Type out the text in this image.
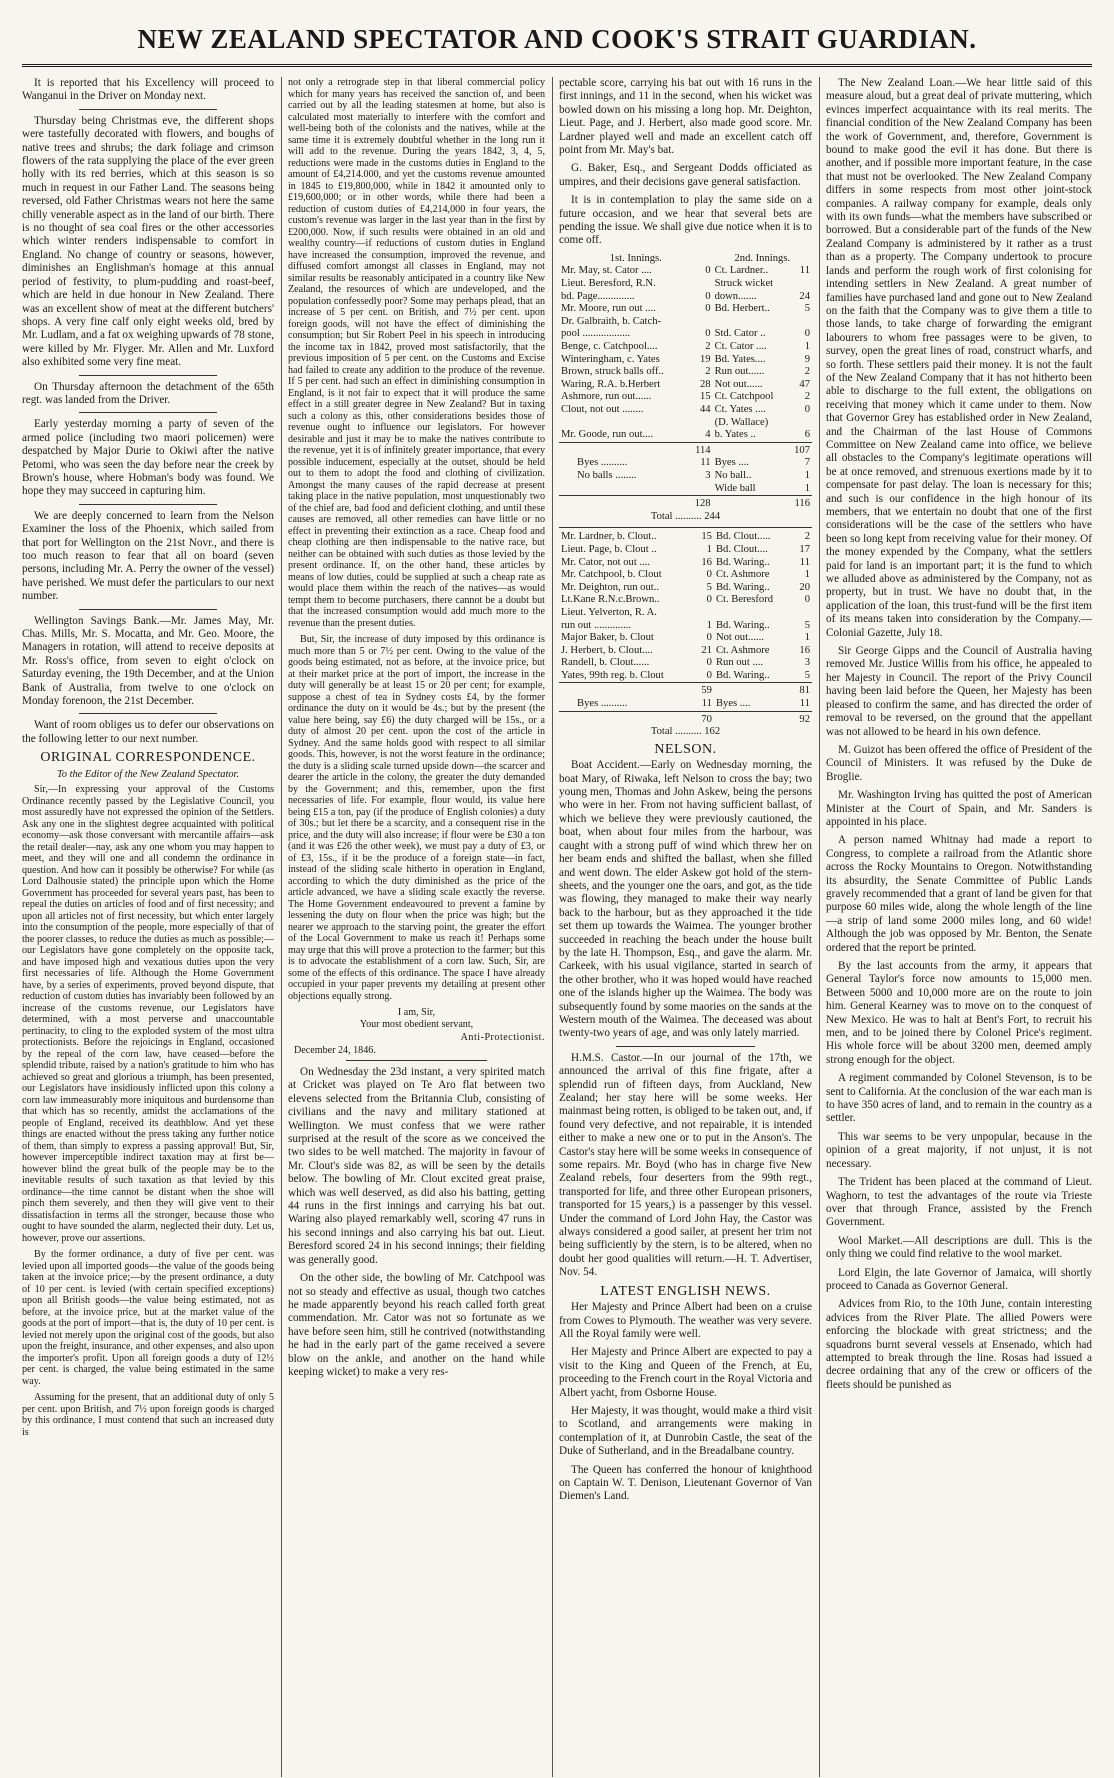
NEW ZEALAND SPECTATOR AND COOK'S STRAIT GUARDIAN.

It is reported that his Excellency will proceed to Wanganui in the Driver on Monday next.

Thursday being Christmas eve, the different shops were tastefully decorated with flowers, and boughs of native trees and shrubs; the dark foliage and crimson flowers of the rata supplying the place of the ever green holly with its red berries, which at this season is so much in request in our Father Land. The seasons being reversed, old Father Christmas wears not here the same chilly venerable aspect as in the land of our birth. There is no thought of sea coal fires or the other accessories which winter renders indispensable to comfort in England. No change of country or seasons, however, diminishes an Englishman's homage at this annual period of festivity, to plum-pudding and roast-beef, which are held in due honour in New Zealand. There was an excellent show of meat at the different butchers' shops. A very fine calf only eight weeks old, bred by Mr. Ludlam, and a fat ox weighing upwards of 78 stone, were killed by Mr. Flyger. Mr. Allen and Mr. Luxford also exhibited some very fine meat.

On Thursday afternoon the detachment of the 65th regt. was landed from the Driver.

Early yesterday morning a party of seven of the armed police (including two maori policemen) were despatched by Major Durie to Okiwi after the native Petomi, who was seen the day before near the creek by Brown's house, where Hobman's body was found. We hope they may succeed in capturing him.

We are deeply concerned to learn from the Nelson Examiner the loss of the Phoenix, which sailed from that port for Wellington on the 21st Novr., and there is too much reason to fear that all on board (seven persons, including Mr. A. Perry the owner of the vessel) have perished. We must defer the particulars to our next number.

Wellington Savings Bank.—Mr. James May, Mr. Chas. Mills, Mr. S. Mocatta, and Mr. Geo. Moore, the Managers in rotation, will attend to receive deposits at Mr. Ross's office, from seven to eight o'clock on Saturday evening, the 19th December, and at the Union Bank of Australia, from twelve to one o'clock on Monday forenoon, the 21st December.

Want of room obliges us to defer our observations on the following letter to our next number.

ORIGINAL CORRESPONDENCE.
To the Editor of the New Zealand Spectator.

Sir,—In expressing your approval of the Customs Ordinance recently passed by the Legislative Council, you most assuredly have not expressed the opinion of the Settlers. Ask any one in the slightest degree acquainted with political economy—ask those conversant with mercantile affairs—ask the retail dealer—nay, ask any one whom you may happen to meet, and they will one and all condemn the ordinance in question. And how can it possibly be otherwise? For while (as Lord Dalhousie stated) the principle upon which the Home Government has proceeded for several years past, has been to repeal the duties on articles of food and of first necessity; and upon all articles not of first necessity, but which enter largely into the consumption of the people, more especially of that of the poorer classes, to reduce the duties as much as possible;—our Legislators have gone completely on the opposite tack, and have imposed high and vexatious duties upon the very first necessaries of life. Although the Home Government have, by a series of experiments, proved beyond dispute, that reduction of custom duties has invariably been followed by an increase of the customs revenue, our Legislators have determined, with a most perverse and unaccountable pertinacity, to cling to the exploded system of the most ultra protectionists. Before the rejoicings in England, occasioned by the repeal of the corn law, have ceased—before the splendid tribute, raised by a nation's gratitude to him who has achieved so great and glorious a triumph, has been presented, our Legislators have insidiously inflicted upon this colony a corn law immeasurably more iniquitous and burdensome than that which has so recently, amidst the acclamations of the people of England, received its deathblow. And yet these things are enacted without the press taking any further notice of them, than simply to express a passing approval! But, Sir, however imperceptible indirect taxation may at first be—however blind the great bulk of the people may be to the inevitable results of such taxation as that levied by this ordinance—the time cannot be distant when the shoe will pinch them severely, and then they will give vent to their dissatisfaction in terms all the stronger, because those who ought to have sounded the alarm, neglected their duty. Let us, however, prove our assertions.

By the former ordinance, a duty of five per cent. was levied upon all imported goods—the value of the goods being taken at the invoice price;—by the present ordinance, a duty of 10 per cent. is levied (with certain specified exceptions) upon all British goods—the value being estimated, not as before, at the invoice price, but at the market value of the goods at the port of import—that is, the duty of 10 per cent. is levied not merely upon the original cost of the goods, but also upon the freight, insurance, and other expenses, and also upon the importer's profit. Upon all foreign goods a duty of 12½ per cent. is charged, the value being estimated in the same way.

Assuming for the present, that an additional duty of only 5 per cent. upon British, and 7½ upon foreign goods is charged by this ordinance, I must contend that such an increased duty is

not only a retrograde step in that liberal commercial policy which for many years has received the sanction of, and been carried out by all the leading statesmen at home, but also is calculated most materially to interfere with the comfort and well-being both of the colonists and the natives, while at the same time it is extremely doubtful whether in the long run it will add to the revenue. During the years 1842, 3, 4, 5, reductions were made in the customs duties in England to the amount of £4,214.000, and yet the customs revenue amounted in 1845 to £19,800,000, while in 1842 it amounted only to £19,600,000; or in other words, while there had been a reduction of custom duties of £4,214,000 in four years, the custom's revenue was larger in the last year than in the first by £200,000. Now, if such results were obtained in an old and wealthy country—if reductions of custom duties in England have increased the consumption, improved the revenue, and diffused comfort amongst all classes in England, may not similar results be reasonably anticipated in a country like New Zealand, the resources of which are undeveloped, and the population confessedly poor? Some may perhaps plead, that an increase of 5 per cent. on British, and 7½ per cent. upon foreign goods, will not have the effect of diminishing the consumption; but Sir Robert Peel in his speech in introducing the income tax in 1842, proved most satisfactorily, that the previous imposition of 5 per cent. on the Customs and Excise had failed to create any addition to the produce of the revenue. If 5 per cent. had such an effect in diminishing consumption in England, is it not fair to expect that it will produce the same effect in a still greater degree in New Zealand? But in taxing such a colony as this, other considerations besides those of revenue ought to influence our legislators. For however desirable and just it may be to make the natives contribute to the revenue, yet it is of infinitely greater importance, that every possible inducement, especially at the outset, should be held out to them to adopt the food and clothing of civilization. Amongst the many causes of the rapid decrease at present taking place in the native population, most unquestionably two of the chief are, bad food and deficient clothing, and until these causes are removed, all other remedies can have little or no effect in preventing their extinction as a race. Cheap food and cheap clothing are then indispensable to the native race, but neither can be obtained with such duties as those levied by the present ordinance. If, on the other hand, these articles by means of low duties, could be supplied at such a cheap rate as would place them within the reach of the natives—as would tempt them to become purchasers, there cannot be a doubt but that the increased consumption would add much more to the revenue than the present duties.

But, Sir, the increase of duty imposed by this ordinance is much more than 5 or 7½ per cent. Owing to the value of the goods being estimated, not as before, at the invoice price, but at their market price at the port of import, the increase in the duty will generally be at least 15 or 20 per cent; for example, suppose a chest of tea in Sydney costs £4, by the former ordinance the duty on it would be 4s.; but by the present (the value here being, say £6) the duty charged will be 15s., or a duty of almost 20 per cent. upon the cost of the article in Sydney. And the same holds good with respect to all similar goods. This, however, is not the worst feature in the ordinance; the duty is a sliding scale turned upside down—the scarcer and dearer the article in the colony, the greater the duty demanded by the Government; and this, remember, upon the first necessaries of life. For example, flour would, its value here being £15 a ton, pay (if the produce of English colonies) a duty of 30s.; but let there be a scarcity, and a consequent rise in the price, and the duty will also increase; if flour were be £30 a ton (and it was £26 the other week), we must pay a duty of £3, or of £3, 15s., if it be the produce of a foreign state—in fact, instead of the sliding scale hitherto in operation in England, according to which the duty diminished as the price of the article advanced, we have a sliding scale exactly the reverse. The Home Government endeavoured to prevent a famine by lessening the duty on flour when the price was high; but the nearer we approach to the starving point, the greater the effort of the Local Government to make us reach it! Perhaps some may urge that this will prove a protection to the farmer; but this is to advocate the establishment of a corn law. Such, Sir, are some of the effects of this ordinance. The space I have already occupied in your paper prevents my detailing at present other objections equally strong.

I am, Sir,
Your most obedient servant,
Anti-Protectionist.
December 24, 1846.

On Wednesday the 23d instant, a very spirited match at Cricket was played on Te Aro flat between two elevens selected from the Britannia Club, consisting of civilians and the navy and military stationed at Wellington. We must confess that we were rather surprised at the result of the score as we conceived the two sides to be well matched. The majority in favour of Mr. Clout's side was 82, as will be seen by the details below. The bowling of Mr. Clout excited great praise, which was well deserved, as did also his batting, getting 44 runs in the first innings and carrying his bat out. Waring also played remarkably well, scoring 47 runs in his second innings and also carrying his bat out. Lieut. Beresford scored 24 in his second innings; their fielding was generally good.

On the other side, the bowling of Mr. Catchpool was not so steady and effective as usual, though two catches he made apparently beyond his reach called forth great commendation. Mr. Cator was not so fortunate as we have before seen him, still he contrived (notwithstanding he had in the early part of the game received a severe blow on the ankle, and another on the hand while keeping wicket) to make a very res-

pectable score, carrying his bat out with 16 runs in the first innings, and 11 in the second, when his wicket was bowled down on his missing a long hop. Mr. Deighton, Lieut. Page, and J. Herbert, also made good score. Mr. Lardner played well and made an excellent catch off point from Mr. May's bat.

G. Baker, Esq., and Sergeant Dodds officiated as umpires, and their decisions gave general satisfaction.

It is in contemplation to play the same side on a future occasion, and we hear that several bets are pending the issue. We shall give due notice when it is to come off.

1st. Innings.		2nd. Innings.	
Mr. May, st. Cator ....	0	Ct. Lardner..	11
Lieut. Beresford, R.N.		Struck wicket	
bd. Page..............	0	down.......	24
Mr. Moore, run out ....	0	Bd. Herbert..	5
Dr. Galbraith, b. Catch-			
pool ..................	0	Std. Cator ..	0
Benge, c. Catchpool....	2	Ct. Cator ....	1
Winteringham, c. Yates	19	Bd. Yates....	9
Brown, struck balls off..	2	Run out......	2
Waring, R.A. b.Herbert	28	Not out......	47
Ashmore, run out......	15	Ct. Catchpool	2
Clout, not out ........	44	Ct. Yates ....	0
		(D. Wallace)	
Mr. Goode, run out....	4	b. Yates ..	6
	114		107
Byes ..........	11	Byes ....	7
No balls ........	3	No ball..	1
		Wide ball	1
	128		116
Total .......... 244			
Mr. Lardner, b. Clout..	15	Bd. Clout.....	2
Lieut. Page, b. Clout ..	1	Bd. Clout....	17
Mr. Cator, not out ....	16	Bd. Waring..	11
Mr. Catchpool, b. Clout	0	Ct. Ashmore	1
Mr. Deighton, run out..	5	Bd. Waring..	20
Lt.Kane R.N.c.Brown..	0	Ct. Beresford	0
Lieut. Yelverton, R. A.			
run out ..............	1	Bd. Waring..	5
Major Baker, b. Clout	0	Not out......	1
J. Herbert, b. Clout....	21	Ct. Ashmore	16
Randell, b. Clout......	0	Run out ....	3
Yates, 99th reg. b. Clout	0	Bd. Waring..	5
	59		81
Byes ..........	11	Byes ....	11
	70		92
Total .......... 162			
NELSON.

Boat Accident.—Early on Wednesday morning, the boat Mary, of Riwaka, left Nelson to cross the bay; two young men, Thomas and John Askew, being the persons who were in her. From not having sufficient ballast, of which we believe they were previously cautioned, the boat, when about four miles from the harbour, was caught with a strong puff of wind which threw her on her beam ends and shifted the ballast, when she filled and went down. The elder Askew got hold of the stern-sheets, and the younger one the oars, and got, as the tide was flowing, they managed to make their way nearly back to the harbour, but as they approached it the tide set them up towards the Waimea. The younger brother succeeded in reaching the beach under the house built by the late H. Thompson, Esq., and gave the alarm. Mr. Carkeek, with his usual vigilance, started in search of the other brother, who it was hoped would have reached one of the islands higher up the Waimea. The body was subsequently found by some maories on the sands at the Western mouth of the Waimea. The deceased was about twenty-two years of age, and was only lately married.

H.M.S. Castor.—In our journal of the 17th, we announced the arrival of this fine frigate, after a splendid run of fifteen days, from Auckland, New Zealand; her stay here will be some weeks. Her mainmast being rotten, is obliged to be taken out, and, if found very defective, and not repairable, it is intended either to make a new one or to put in the Anson's. The Castor's stay here will be some weeks in consequence of some repairs. Mr. Boyd (who has in charge five New Zealand rebels, four deserters from the 99th regt., transported for life, and three other European prisoners, transported for 15 years,) is a passenger by this vessel. Under the command of Lord John Hay, the Castor was always considered a good sailer, at present her trim not being sufficiently by the stern, is to be altered, when no doubt her good qualities will return.—H. T. Advertiser, Nov. 54.

LATEST ENGLISH NEWS.

Her Majesty and Prince Albert had been on a cruise from Cowes to Plymouth. The weather was very severe. All the Royal family were well.

Her Majesty and Prince Albert are expected to pay a visit to the King and Queen of the French, at Eu, proceeding to the French court in the Royal Victoria and Albert yacht, from Osborne House.

Her Majesty, it was thought, would make a third visit to Scotland, and arrangements were making in contemplation of it, at Dunrobin Castle, the seat of the Duke of Sutherland, and in the Breadalbane country.

The Queen has conferred the honour of knighthood on Captain W. T. Denison, Lieutenant Governor of Van Diemen's Land.

The New Zealand Loan.—We hear little said of this measure aloud, but a great deal of private muttering, which evinces imperfect acquaintance with its real merits. The financial condition of the New Zealand Company has been the work of Government, and, therefore, Government is bound to make good the evil it has done. But there is another, and if possible more important feature, in the case that must not be overlooked. The New Zealand Company differs in some respects from most other joint-stock companies. A railway company for example, deals only with its own funds—what the members have subscribed or borrowed. But a considerable part of the funds of the New Zealand Company is administered by it rather as a trust than as a property. The Company undertook to procure lands and perform the rough work of first colonising for intending settlers in New Zealand. A great number of families have purchased land and gone out to New Zealand on the faith that the Company was to give them a title to those lands, to take charge of forwarding the emigrant labourers to whom free passages were to be given, to survey, open the great lines of road, construct wharfs, and so forth. These settlers paid their money. It is not the fault of the New Zealand Company that it has not hitherto been able to discharge to the full extent, the obligations on receiving that money which it came under to them. Now that Governor Grey has established order in New Zealand, and the Chairman of the last House of Commons Committee on New Zealand came into office, we believe all obstacles to the Company's legitimate operations will be at once removed, and strenuous exertions made by it to compensate for past delay. The loan is necessary for this; and such is our confidence in the high honour of its members, that we entertain no doubt that one of the first considerations will be the case of the settlers who have been so long kept from receiving value for their money. Of the money expended by the Company, what the settlers paid for land is an important part; it is the fund to which we alluded above as administered by the Company, not as property, but in trust. We have no doubt that, in the application of the loan, this trust-fund will be the first item of its means taken into consideration by the Company.—Colonial Gazette, July 18.

Sir George Gipps and the Council of Australia having removed Mr. Justice Willis from his office, he appealed to her Majesty in Council. The report of the Privy Council having been laid before the Queen, her Majesty has been pleased to confirm the same, and has directed the order of removal to be reversed, on the ground that the appellant was not allowed to be heard in his own defence.

M. Guizot has been offered the office of President of the Council of Ministers. It was refused by the Duke de Broglie.

Mr. Washington Irving has quitted the post of American Minister at the Court of Spain, and Mr. Sanders is appointed in his place.

A person named Whitnay had made a report to Congress, to complete a railroad from the Atlantic shore across the Rocky Mountains to Oregon. Notwithstanding its absurdity, the Senate Committee of Public Lands gravely recommended that a grant of land be given for that purpose 60 miles wide, along the whole length of the line—a strip of land some 2000 miles long, and 60 wide! Although the job was opposed by Mr. Benton, the Senate ordered that the report be printed.

By the last accounts from the army, it appears that General Taylor's force now amounts to 15,000 men. Between 5000 and 10,000 more are on the route to join him. General Kearney was to move on to the conquest of New Mexico. He was to halt at Bent's Fort, to recruit his men, and to be joined there by Colonel Price's regiment. His whole force will be about 3200 men, deemed amply strong enough for the object.

A regiment commanded by Colonel Stevenson, is to be sent to California. At the conclusion of the war each man is to have 350 acres of land, and to remain in the country as a settler.

This war seems to be very unpopular, because in the opinion of a great majority, if not unjust, it is not necessary.

The Trident has been placed at the command of Lieut. Waghorn, to test the advantages of the route via Trieste over that through France, assisted by the French Government.

Wool Market.—All descriptions are dull. This is the only thing we could find relative to the wool market.

Lord Elgin, the late Governor of Jamaica, will shortly proceed to Canada as Governor General.

Advices from Rio, to the 10th June, contain interesting advices from the River Plate. The allied Powers were enforcing the blockade with great strictness; and the squadrons burnt several vessels at Ensenado, which had attempted to break through the line. Rosas had issued a decree ordaining that any of the crew or officers of the fleets should be punished as
